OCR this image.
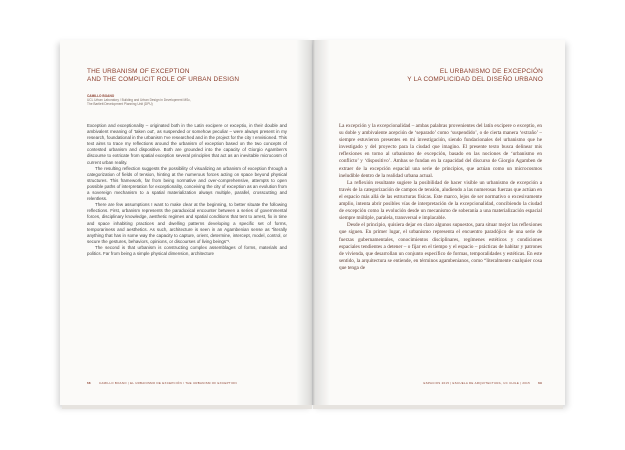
THE URBANISM OF EXCEPTION
AND THE COMPLICIT ROLE OF URBAN DESIGN
CAMILLO BOANO
UCL Urban Laboratory / Building and Urban Design in Development MSc,
The Bartlett Development Planning Unit (DPU)

Exception and exceptionality – originated both in the Latin excipere or exceptio, in their double and ambivalent meaning of ‘taken out’, as suspended or somehow peculiar – were always present in my research, foundational in the urbanism I’ve researched and in the project for the city I envisioned. This text aims to trace my reflections around the urbanism of exception based on the two concepts of contested urbanism and dispositive. Both are grounded into the capacity of Giorgio Agamben’s discourse to extricate from spatial exception several principles that act as an inevitable microcosm of current urban reality.

The resulting reflection suggests the possibility of visualizing an urbanism of exception through a categorization of fields of tension, hinting at the numerous forces acting on space beyond physical structures. This framework, far from being normative and over-comprehensive, attempts to open possible paths of interpretation for exceptionality, conceiving the city of exception as an evolution from a sovereign mechanism to a spatial materialization always multiple, parallel, crosscutting and relentless.

There are few assumptions I want to make clear at the beginning, to better situate the following reflections. First, urbanism represents the paradoxical encounter between a series of governmental forces, disciplinary knowledge, aesthetic regimes and spatial conditions that tent to arrest, fix in time and space inhabiting practices and dwelling patterns developing a specific set of forms, temporariness and aesthetics. As such, architecture is seen in an Agambenian sense as “literally anything that has in some way the capacity to capture, orient, determine, intercept, model, control, or secure the gestures, behaviors, opinions, or discourses of living beings”¹.

The second is that urbanism is constructing complex assemblages of forms, materials and politics. Far from being a simple physical dimension, architecture

68	CAMILLO BOANO | EL URBANISMO DE EXCEPCIÓN / THE URBANISM OF EXCEPTION
EL URBANISMO DE EXCEPCIÓN
Y LA COMPLICIDAD DEL DISEÑO URBANO

La excepción y la excepcionalidad – ambas palabras provenientes del latín excipere o exceptio, en su doble y ambivalente acepción de ‘separado’ como ‘suspendido’, o de cierta manera ‘extraño’ – siempre estuvieron presentes en mi investigación, siendo fundacionales del urbanismo que he investigado y del proyecto para la ciudad que imagino. El presente texto busca delinear mis reflexiones en torno al urbanismo de excepción, basado en las nociones de ‘urbanismo en conflicto’ y ‘dispositivo’. Ambas se fundan en la capacidad del discurso de Giorgio Agamben de extraer de la excepción espacial una serie de principios, que actúan como un microcosmos ineludible dentro de la realidad urbana actual.

La reflexión resultante sugiere la posibilidad de hacer visible un urbanismo de excepción a través de la categorización de campos de tensión, aludiendo a las numerosas fuerzas que actúan en el espacio más allá de las estructuras físicas. Este marco, lejos de ser normativo o excesivamente amplio, intenta abrir posibles vías de interpretación de la excepcionalidad, concibiendo la ciudad de excepción como la evolución desde un mecanismo de soberanía a una materialización espacial siempre múltiple, paralela, transversal e implacable.

Desde el principio, quisiera dejar en claro algunos supuestos, para situar mejor las reflexiones que siguen. En primer lugar, el urbanismo representa el encuentro paradójico de una serie de fuerzas gubernamentales, conocimientos disciplinares, regímenes estéticos y condiciones espaciales tendientes a detener – o fijar en el tiempo y el espacio – prácticas de habitar y patrones de vivienda, que desarrollan un conjunto específico de formas, temporalidades y estéticas. En este sentido, la arquitectura se entiende, en términos agambenianos, como “literalmente cualquier cosa que tenga de

ESPACIOS 2015 | ESCUELA DE ARQUITECTURA, UC CHILE | 2015	69
